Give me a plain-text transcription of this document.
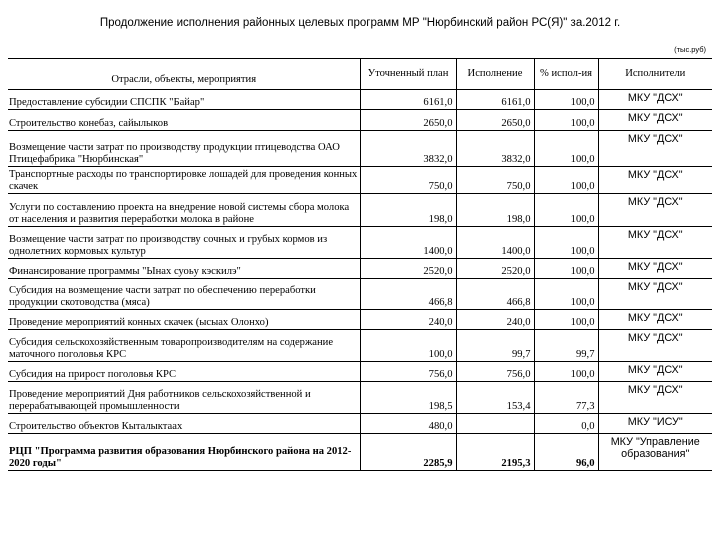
Продолжение исполнения районных целевых программ МР "Нюрбинский район РС(Я)" за.2012 г.
(тыс.руб)
Отрасли, объекты, мероприятия	Уточненный план	Исполнение	% испол-ия	Исполнители
Предоставление субсидии СПСПК "Байар"	6161,0	6161,0	100,0	МКУ "ДСХ"
Строительство конебаз, сайылыков	2650,0	2650,0	100,0	МКУ "ДСХ"
Возмещение части затрат по производству продукции птицеводства ОАО Птицефабрика "Нюрбинская"	3832,0	3832,0	100,0	МКУ "ДСХ"
Транспортные расходы по транспортировке лошадей для проведения конных скачек	750,0	750,0	100,0	МКУ "ДСХ"
Услуги по составлению проекта на внедрение новой системы сбора молока от населения и развития переработки молока в районе	198,0	198,0	100,0	МКУ "ДСХ"
Возмещение части затрат по производству сочных и грубых кормов из однолетних кормовых культур	1400,0	1400,0	100,0	МКУ "ДСХ"
Финансирование программы "Ынах суоьу кэскилэ"	2520,0	2520,0	100,0	МКУ "ДСХ"
Субсидия на возмещение части затрат по обеспечению переработки продукции скотоводства (мяса)	466,8	466,8	100,0	МКУ "ДСХ"
Проведение мероприятий конных скачек (ысыах Олонхо)	240,0	240,0	100,0	МКУ "ДСХ"
Субсидия сельскохозяйственным товаропроизводителям на содержание маточного поголовья КРС	100,0	99,7	99,7	МКУ "ДСХ"
Субсидия на прирост поголовья КРС	756,0	756,0	100,0	МКУ "ДСХ"
Проведение мероприятий Дня работников сельскохозяйственной и перерабатывающей промышленности	198,5	153,4	77,3	МКУ "ДСХ"
Строительство объектов Кыталыктаах	480,0		0,0	МКУ "ИСУ"
РЦП "Программа развития образования Нюрбинского района на 2012-2020 годы"	2285,9	2195,3	96,0	МКУ "Управление образования"
